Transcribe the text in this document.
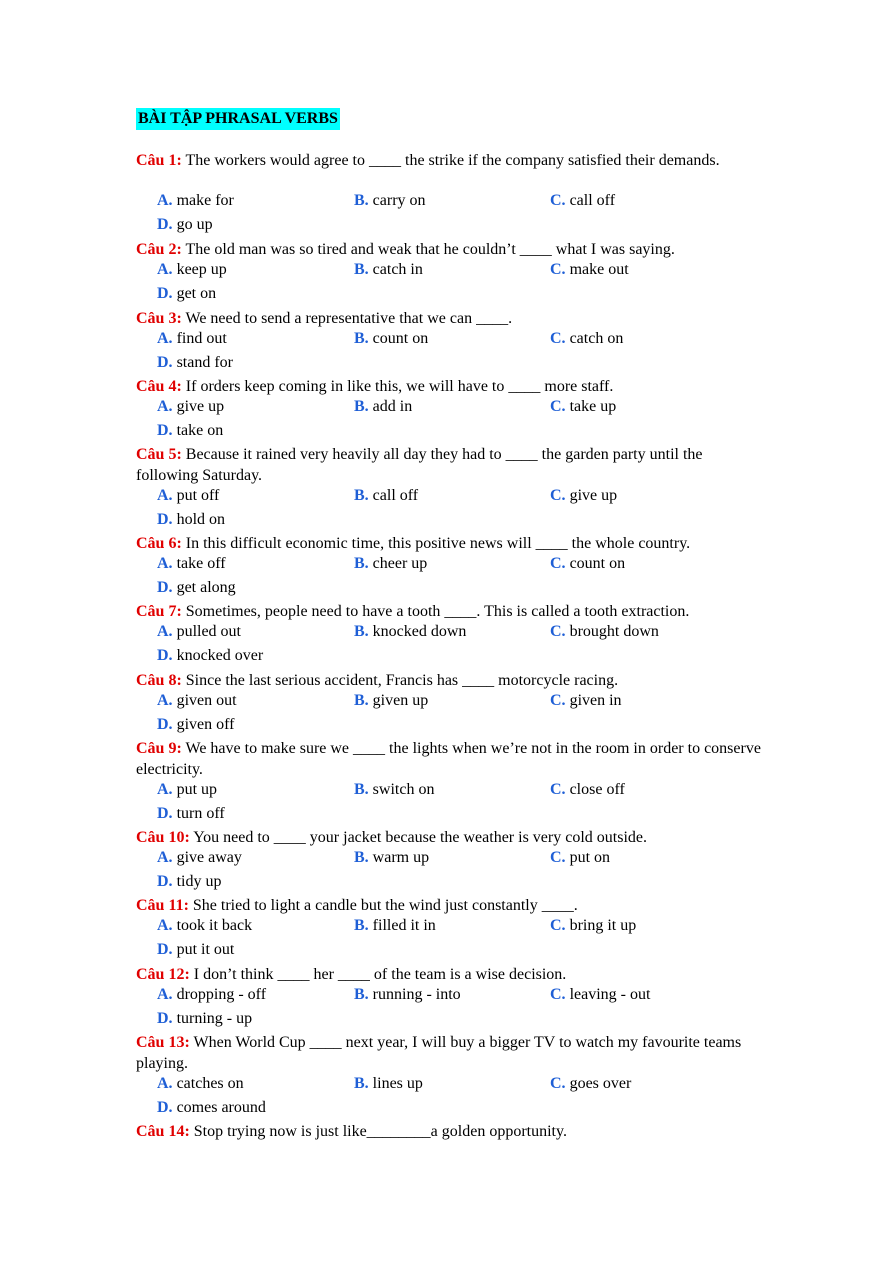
BÀI TẬP PHRASAL VERBS
Câu 1: The workers would agree to ____ the strike if the company satisfied their demands.
A. make for	B. carry on	C. call off
D. go up
Câu 2: The old man was so tired and weak that he couldn’t ____ what I was saying.
A. keep up	B. catch in	C. make out
D. get on
Câu 3: We need to send a representative that we can ____.
A. find out	B. count on	C. catch on
D. stand for
Câu 4: If orders keep coming in like this, we will have to ____ more staff.
A. give up	B. add in	C. take up
D. take on
Câu 5: Because it rained very heavily all day they had to ____ the garden party until the following Saturday.
A. put off	B. call off	C. give up
D. hold on
Câu 6: In this difficult economic time, this positive news will ____ the whole country.
A. take off	B. cheer up	C. count on
D. get along
Câu 7: Sometimes, people need to have a tooth ____. This is called a tooth extraction.
A. pulled out	B. knocked down	C. brought down
D. knocked over
Câu 8: Since the last serious accident, Francis has ____ motorcycle racing.
A. given out	B. given up	C. given in
D. given off
Câu 9: We have to make sure we ____ the lights when we’re not in the room in order to conserve electricity.
A. put up	B. switch on	C. close off
D. turn off
Câu 10: You need to ____ your jacket because the weather is very cold outside.
A. give away	B. warm up	C. put on
D. tidy up
Câu 11: She tried to light a candle but the wind just constantly ____.
A. took it back	B. filled it in	C. bring it up
D. put it out
Câu 12: I don’t think ____ her ____ of the team is a wise decision.
A. dropping - off	B. running - into	C. leaving - out
D. turning - up
Câu 13: When World Cup ____ next year, I will buy a bigger TV to watch my favourite teams playing.
A. catches on	B. lines up	C. goes over
D. comes around
Câu 14: Stop trying now is just like________a golden opportunity.
